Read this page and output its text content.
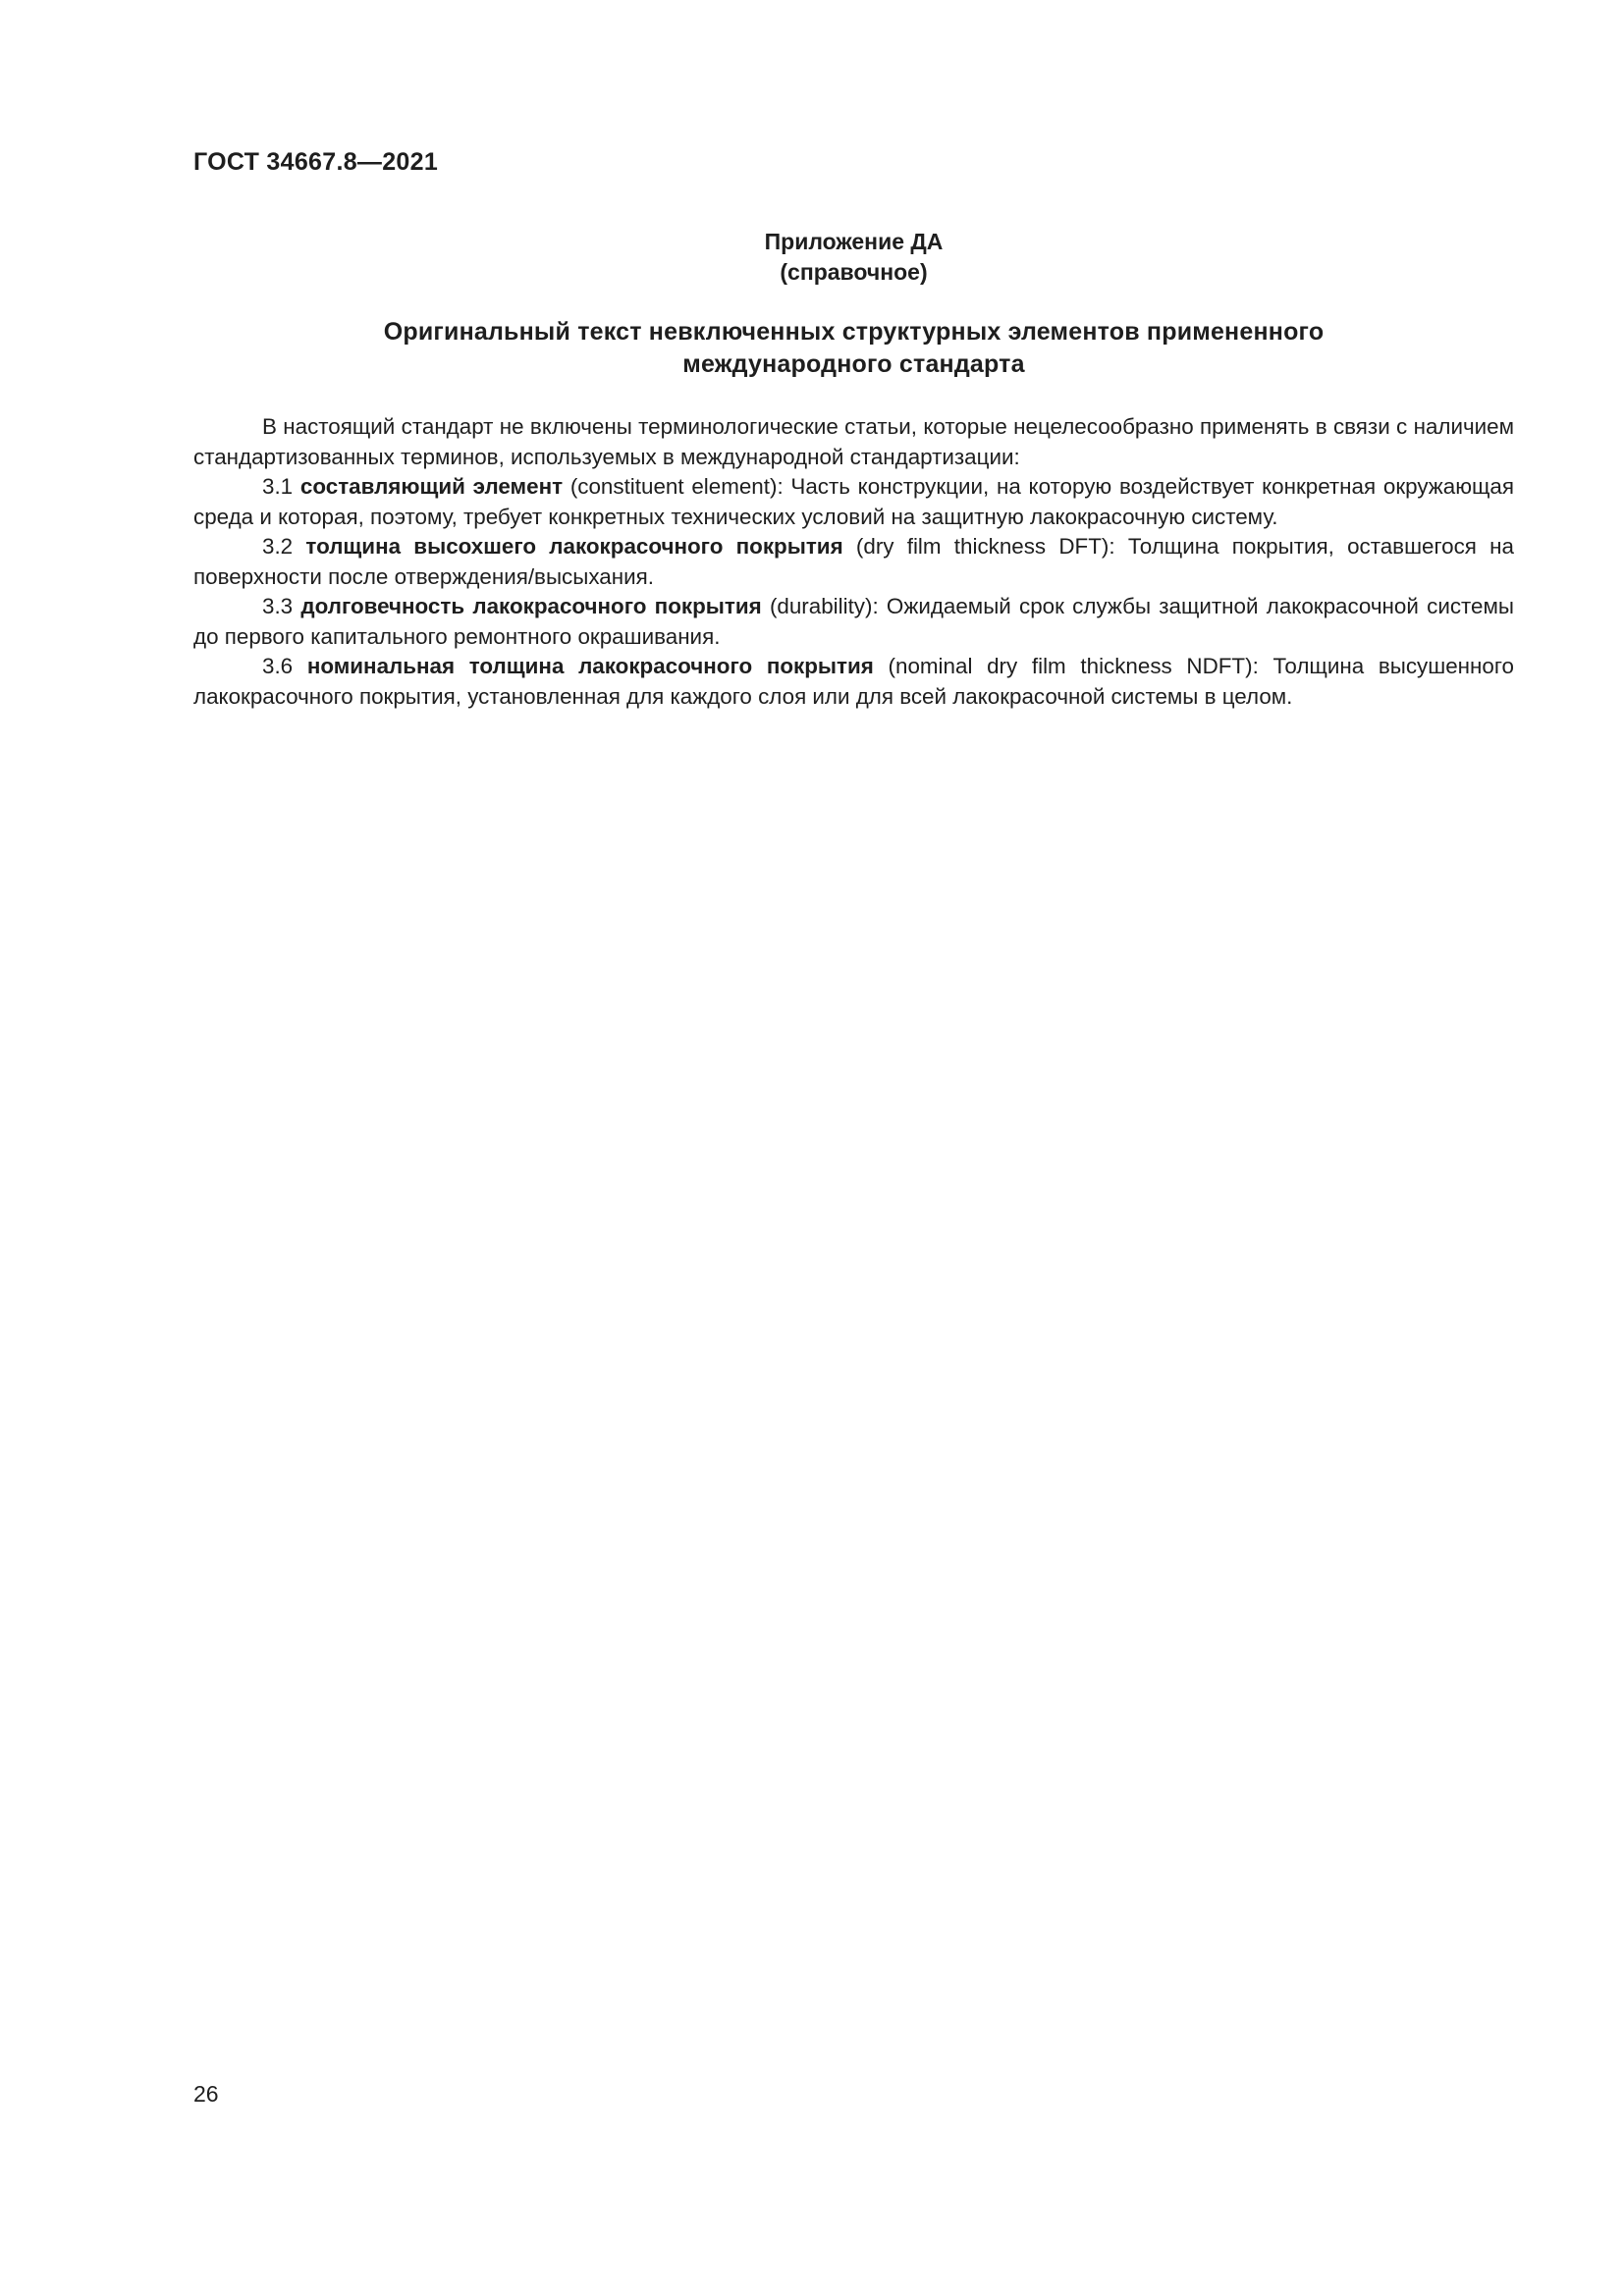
ГОСТ 34667.8—2021
Приложение ДА
(справочное)
Оригинальный текст невключенных структурных элементов примененного
международного стандарта

В настоящий стандарт не включены терминологические статьи, которые нецелесообразно применять в связи с наличием стандартизованных терминов, используемых в международной стандартизации:

3.1 составляющий элемент (constituent element): Часть конструкции, на которую воздействует конкретная окружающая среда и которая, поэтому, требует конкретных технических условий на защитную лакокрасочную систему.

3.2 толщина высохшего лакокрасочного покрытия (dry film thickness DFT): Толщина покрытия, оставшегося на поверхности после отверждения/высыхания.

3.3 долговечность лакокрасочного покрытия (durability): Ожидаемый срок службы защитной лакокрасочной системы до первого капитального ремонтного окрашивания.

3.6 номинальная толщина лакокрасочного покрытия (nominal dry film thickness NDFT): Толщина высушенного лакокрасочного покрытия, установленная для каждого слоя или для всей лакокрасочной системы в целом.

26
